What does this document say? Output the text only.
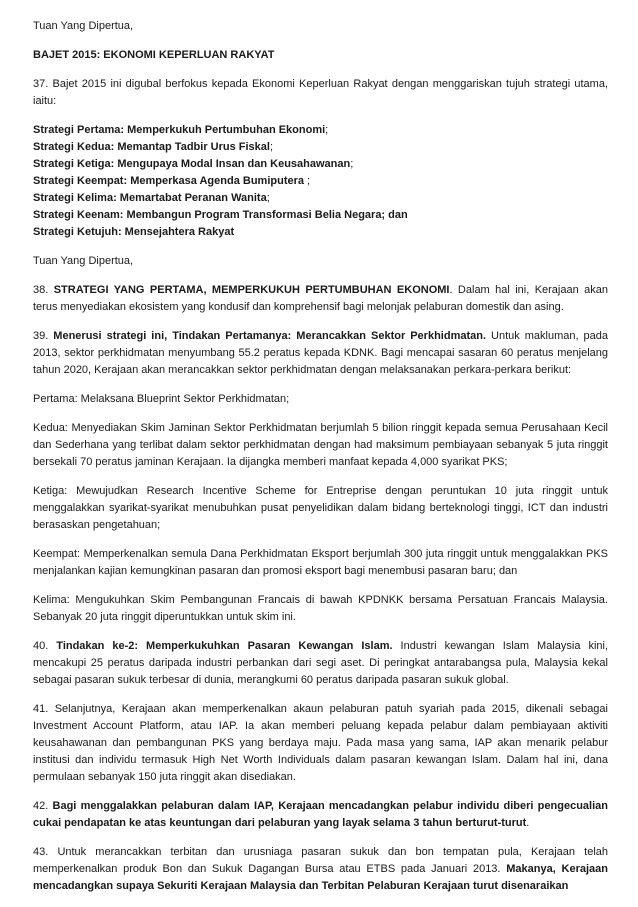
Tuan Yang Dipertua,

BAJET 2015: EKONOMI KEPERLUAN RAKYAT

37. Bajet 2015 ini digubal berfokus kepada Ekonomi Keperluan Rakyat dengan menggariskan tujuh strategi utama, iaitu:

Strategi Pertama: Memperkukuh Pertumbuhan Ekonomi;
Strategi Kedua: Memantap Tadbir Urus Fiskal;
Strategi Ketiga: Mengupaya Modal Insan dan Keusahawanan;
Strategi Keempat: Memperkasa Agenda Bumiputera ;
Strategi Kelima: Memartabat Peranan Wanita;
Strategi Keenam: Membangun Program Transformasi Belia Negara; dan
Strategi Ketujuh: Mensejahtera Rakyat

Tuan Yang Dipertua,

38. STRATEGI YANG PERTAMA, MEMPERKUKUH PERTUMBUHAN EKONOMI. Dalam hal ini, Kerajaan akan terus menyediakan ekosistem yang kondusif dan komprehensif bagi melonjak pelaburan domestik dan asing.

39. Menerusi strategi ini, Tindakan Pertamanya: Merancakkan Sektor Perkhidmatan. Untuk makluman, pada 2013, sektor perkhidmatan menyumbang 55.2 peratus kepada KDNK. Bagi mencapai sasaran 60 peratus menjelang tahun 2020, Kerajaan akan merancakkan sektor perkhidmatan dengan melaksanakan perkara-perkara berikut:

Pertama: Melaksana Blueprint Sektor Perkhidmatan;

Kedua: Menyediakan Skim Jaminan Sektor Perkhidmatan berjumlah 5 bilion ringgit kepada semua Perusahaan Kecil dan Sederhana yang terlibat dalam sektor perkhidmatan dengan had maksimum pembiayaan sebanyak 5 juta ringgit bersekali 70 peratus jaminan Kerajaan. Ia dijangka memberi manfaat kepada 4,000 syarikat PKS;

Ketiga: Mewujudkan Research Incentive Scheme for Entreprise dengan peruntukan 10 juta ringgit untuk menggalakkan syarikat-syarikat menubuhkan pusat penyelidikan dalam bidang berteknologi tinggi, ICT dan industri berasaskan pengetahuan;

Keempat: Memperkenalkan semula Dana Perkhidmatan Eksport berjumlah 300 juta ringgit untuk menggalakkan PKS menjalankan kajian kemungkinan pasaran dan promosi eksport bagi menembusi pasaran baru; dan

Kelima: Mengukuhkan Skim Pembangunan Francais di bawah KPDNKK bersama Persatuan Francais Malaysia. Sebanyak 20 juta ringgit diperuntukkan untuk skim ini.

40. Tindakan ke-2: Memperkukuhkan Pasaran Kewangan Islam. Industri kewangan Islam Malaysia kini, mencakupi 25 peratus daripada industri perbankan dari segi aset. Di peringkat antarabangsa pula, Malaysia kekal sebagai pasaran sukuk terbesar di dunia, merangkumi 60 peratus daripada pasaran sukuk global.

41. Selanjutnya, Kerajaan akan memperkenalkan akaun pelaburan patuh syariah pada 2015, dikenali sebagai Investment Account Platform, atau IAP. Ia akan memberi peluang kepada pelabur dalam pembiayaan aktiviti keusahawanan dan pembangunan PKS yang berdaya maju. Pada masa yang sama, IAP akan menarik pelabur institusi dan individu termasuk High Net Worth Individuals dalam pasaran kewangan Islam. Dalam hal ini, dana permulaan sebanyak 150 juta ringgit akan disediakan.

42. Bagi menggalakkan pelaburan dalam IAP, Kerajaan mencadangkan pelabur individu diberi pengecualian cukai pendapatan ke atas keuntungan dari pelaburan yang layak selama 3 tahun berturut-turut.

43. Untuk merancakkan terbitan dan urusniaga pasaran sukuk dan bon tempatan pula, Kerajaan telah memperkenalkan produk Bon dan Sukuk Dagangan Bursa atau ETBS pada Januari 2013. Makanya, Kerajaan mencadangkan supaya Sekuriti Kerajaan Malaysia dan Terbitan Pelaburan Kerajaan turut disenaraikan
